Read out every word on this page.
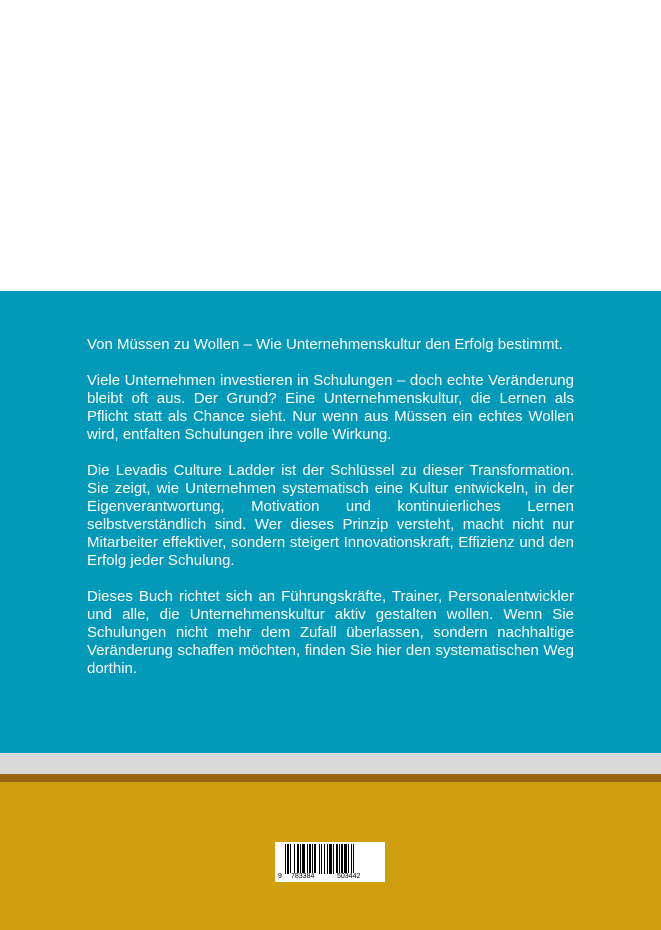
Von Müssen zu Wollen – Wie Unternehmenskultur den Erfolg bestimmt.

Viele Unternehmen investieren in Schulungen – doch echte Veränderung bleibt oft aus. Der Grund? Eine Unternehmenskultur, die Lernen als Pflicht statt als Chance sieht. Nur wenn aus Müssen ein echtes Wollen wird, entfalten Schulungen ihre volle Wirkung.

Die Levadis Culture Ladder ist der Schlüssel zu dieser Transformation. Sie zeigt, wie Unternehmen systematisch eine Kultur entwickeln, in der Eigenverantwortung, Motivation und kontinuierliches Lernen selbstverständlich sind. Wer dieses Prinzip versteht, macht nicht nur Mitarbeiter effektiver, sondern steigert Innovationskraft, Effizienz und den Erfolg jeder Schulung.

Dieses Buch richtet sich an Führungskräfte, Trainer, Personalentwickler und alle, die Unternehmenskultur aktiv gestalten wollen. Wenn Sie Schulungen nicht mehr dem Zufall überlassen, sondern nachhaltige Veränderung schaffen möchten, finden Sie hier den systematischen Weg dorthin.

9 783384	503442
